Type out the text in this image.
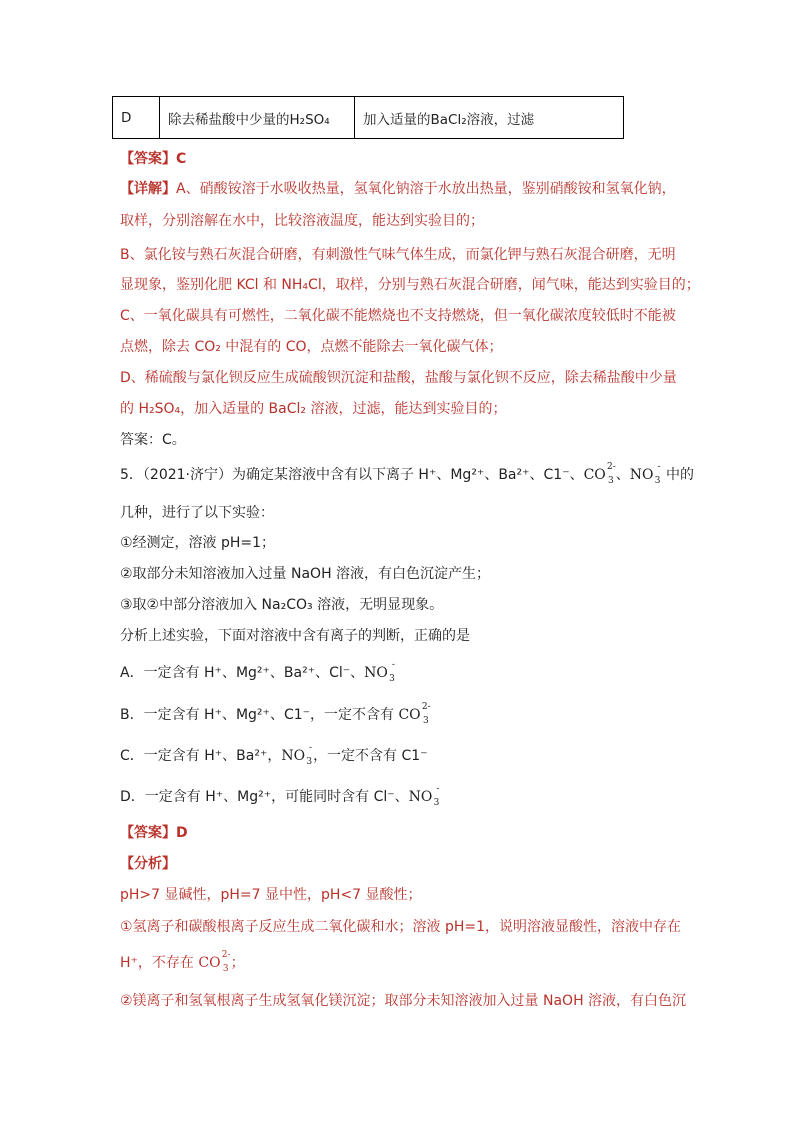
D	除去稀盐酸中少量的H₂SO₄	加入适量的BaCl₂溶液，过滤
【答案】C
【详解】A、硝酸铵溶于水吸收热量，氢氧化钠溶于水放出热量，鉴别硝酸铵和氢氧化钠，
取样，分别溶解在水中，比较溶液温度，能达到实验目的；
B、氯化铵与熟石灰混合研磨，有刺激性气味气体生成，而氯化钾与熟石灰混合研磨，无明
显现象，鉴别化肥 KCl 和 NH₄Cl，取样，分别与熟石灰混合研磨，闻气味，能达到实验目的；
C、一氧化碳具有可燃性，二氧化碳不能燃烧也不支持燃烧，但一氧化碳浓度较低时不能被
点燃，除去 CO₂ 中混有的 CO，点燃不能除去一氧化碳气体；
D、稀硫酸与氯化钡反应生成硫酸钡沉淀和盐酸，盐酸与氯化钡不反应，除去稀盐酸中少量
的 H₂SO₄，加入适量的 BaCl₂ 溶液，过滤，能达到实验目的；
答案：C。
5．（2021·济宁）为确定某溶液中含有以下离子 H⁺、Mg²⁺、Ba²⁺、C1⁻、CO 2-
3 、NO -
3 中的
几种，进行了以下实验：
①经测定，溶液 pH=1；
②取部分未知溶液加入过量 NaOH 溶液，有白色沉淀产生；
③取②中部分溶液加入 Na₂CO₃ 溶液，无明显现象。
分析上述实验，下面对溶液中含有离子的判断，正确的是
A．一定含有 H⁺、Mg²⁺、Ba²⁺、Cl⁻、NO -
3
B．一定含有 H⁺、Mg²⁺、C1⁻，一定不含有 CO 2-
3
C．一定含有 H⁺、Ba²⁺，NO -
3 ，一定不含有 C1⁻
D．一定含有 H⁺、Mg²⁺，可能同时含有 Cl⁻、NO -
3
【答案】D
【分析】
pH>7 显碱性，pH=7 显中性，pH<7 显酸性；
①氢离子和碳酸根离子反应生成二氧化碳和水；溶液 pH=1，说明溶液显酸性，溶液中存在
H⁺，不存在 CO 2-
3 ；
②镁离子和氢氧根离子生成氢氧化镁沉淀；取部分未知溶液加入过量 NaOH 溶液，有白色沉
